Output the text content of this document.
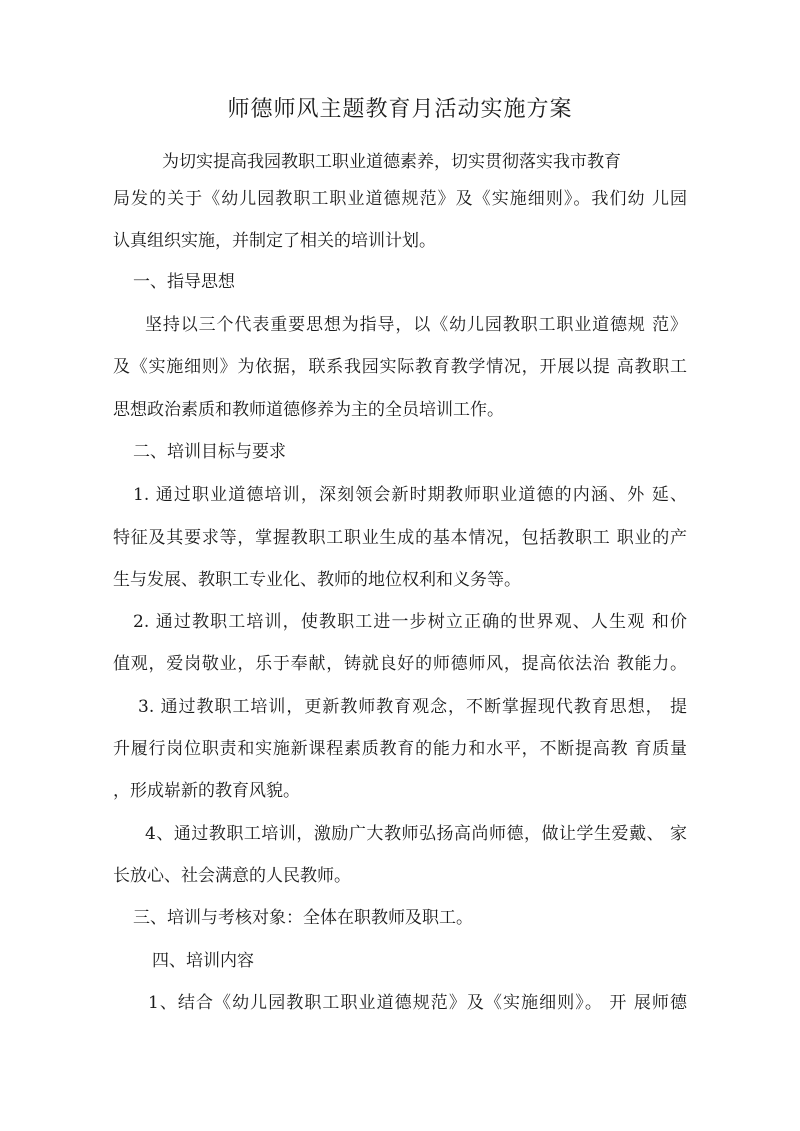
师德师风主题教育月活动实施方案

为切实提高我园教职工职业道德素养，切实贯彻落实我市教育

局发的关于《幼儿园教职工职业道德规范》及《实施细则》。我们幼 儿园

认真组织实施，并制定了相关的培训计划。

一、指导思想

坚持以三个代表重要思想为指导，以《幼儿园教职工职业道德规 范》

及《实施细则》为依据，联系我园实际教育教学情况，开展以提 高教职工

思想政治素质和教师道德修养为主的全员培训工作。

二、培训目标与要求

1. 通过职业道德培训，深刻领会新时期教师职业道德的内涵、外 延、

特征及其要求等，掌握教职工职业生成的基本情况，包括教职工 职业的产

生与发展、教职工专业化、教师的地位权利和义务等。

2. 通过教职工培训，使教职工进一步树立正确的世界观、人生观 和价

值观，爱岗敬业，乐于奉献，铸就良好的师德师风，提高依法治 教能力。

3. 通过教职工培训，更新教师教育观念，不断掌握现代教育思想， 提

升履行岗位职责和实施新课程素质教育的能力和水平，不断提高教 育质量

，形成崭新的教育风貌。

4、通过教职工培训，激励广大教师弘扬高尚师德，做让学生爱戴、 家

长放心、社会满意的人民教师。

三、培训与考核对象：全体在职教师及职工。

四、培训内容

1、结合《幼儿园教职工职业道德规范》及《实施细则》。 开 展师德
